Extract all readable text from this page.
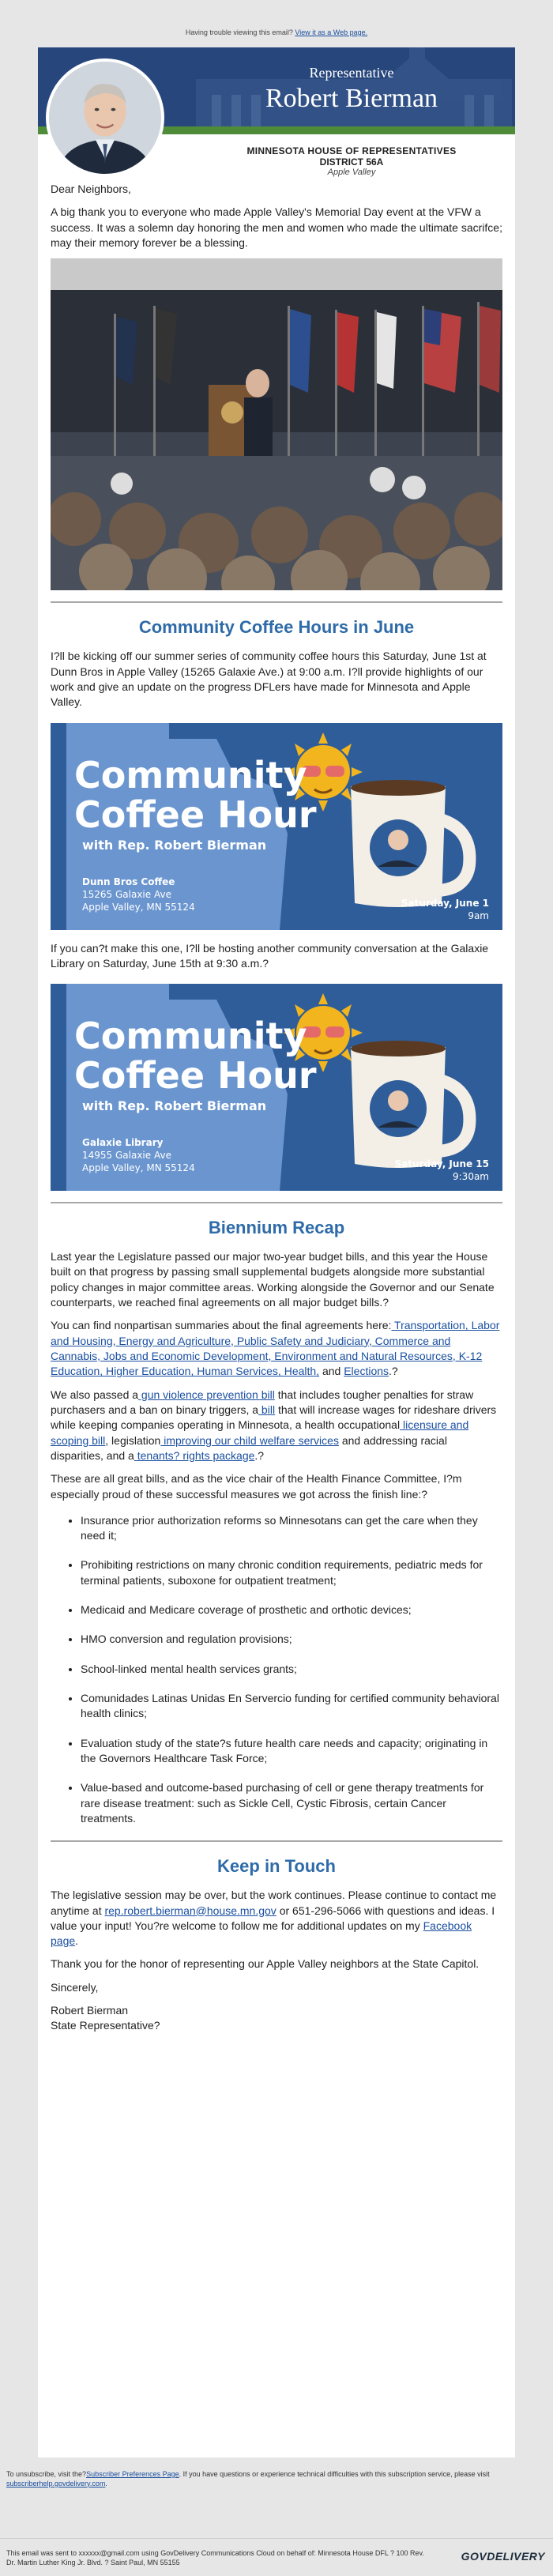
Having trouble viewing this email? View it as a Web page.
Representative
Robert Bierman
MINNESOTA HOUSE OF REPRESENTATIVES
DISTRICT 56A
Apple Valley

Dear Neighbors,

A big thank you to everyone who made Apple Valley's Memorial Day event at the VFW a success. It was a solemn day honoring the men and women who made the ultimate sacrifce; may their memory forever be a blessing.

Community Coffee Hours in June

I?ll be kicking off our summer series of community coffee hours this Saturday, June 1st at Dunn Bros in Apple Valley (15265 Galaxie Ave.) at 9:00 a.m. I?ll provide highlights of our work and give an update on the progress DFLers have made for Minnesota and Apple Valley.

Community
Coffee Hour
with Rep. Robert Bierman
Dunn Bros Coffee
15265 Galaxie Ave
Apple Valley, MN 55124	Saturday, June 1
9am

If you can?t make this one, I?ll be hosting another community conversation at the Galaxie Library on Saturday, June 15th at 9:30 a.m.?

Community
Coffee Hour
with Rep. Robert Bierman
Galaxie Library
14955 Galaxie Ave
Apple Valley, MN 55124	Saturday, June 15
9:30am
Biennium Recap

Last year the Legislature passed our major two-year budget bills, and this year the House built on that progress by passing small supplemental budgets alongside more substantial policy changes in major committee areas. Working alongside the Governor and our Senate counterparts, we reached final agreements on all major budget bills.?

You can find nonpartisan summaries about the final agreements here: Transportation, Labor and Housing, Energy and Agriculture, Public Safety and Judiciary, Commerce and Cannabis, Jobs and Economic Development, Environment and Natural Resources, K-12 Education, Higher Education, Human Services, Health, and Elections.?

We also passed a gun violence prevention bill that includes tougher penalties for straw purchasers and a ban on binary triggers, a bill that will increase wages for rideshare drivers while keeping companies operating in Minnesota, a health occupational licensure and scoping bill, legislation improving our child welfare services and addressing racial disparities, and a tenants? rights package.?

These are all great bills, and as the vice chair of the Health Finance Committee, I?m especially proud of these successful measures we got across the finish line:?

• Insurance prior authorization reforms so Minnesotans can get the care when they need it;
• Prohibiting restrictions on many chronic condition requirements, pediatric meds for terminal patients, suboxone for outpatient treatment;
• Medicaid and Medicare coverage of prosthetic and orthotic devices;
• HMO conversion and regulation provisions;
• School-linked mental health services grants;
• Comunidades Latinas Unidas En Servercio funding for certified community behavioral health clinics;
• Evaluation study of the state?s future health care needs and capacity; originating in the Governors Healthcare Task Force;
• Value-based and outcome-based purchasing of cell or gene therapy treatments for rare disease treatment: such as Sickle Cell, Cystic Fibrosis, certain Cancer treatments.
Keep in Touch

The legislative session may be over, but the work continues. Please continue to contact me anytime at rep.robert.bierman@house.mn.gov or 651-296-5066 with questions and ideas. I value your input! You?re welcome to follow me for additional updates on my Facebook page.

Thank you for the honor of representing our Apple Valley neighbors at the State Capitol.

Sincerely,

Robert Bierman
State Representative?

To unsubscribe, visit the?Subscriber Preferences Page. If you have questions or experience technical difficulties with this subscription service, please visit
subscriberhelp.govdelivery.com.
This email was sent to xxxxxx@gmail.com using GovDelivery Communications Cloud on behalf of: Minnesota House DFL ? 100 Rev. Dr. Martin Luther King Jr. Blvd. ? Saint Paul, MN 55155	GOVDELIVERY
